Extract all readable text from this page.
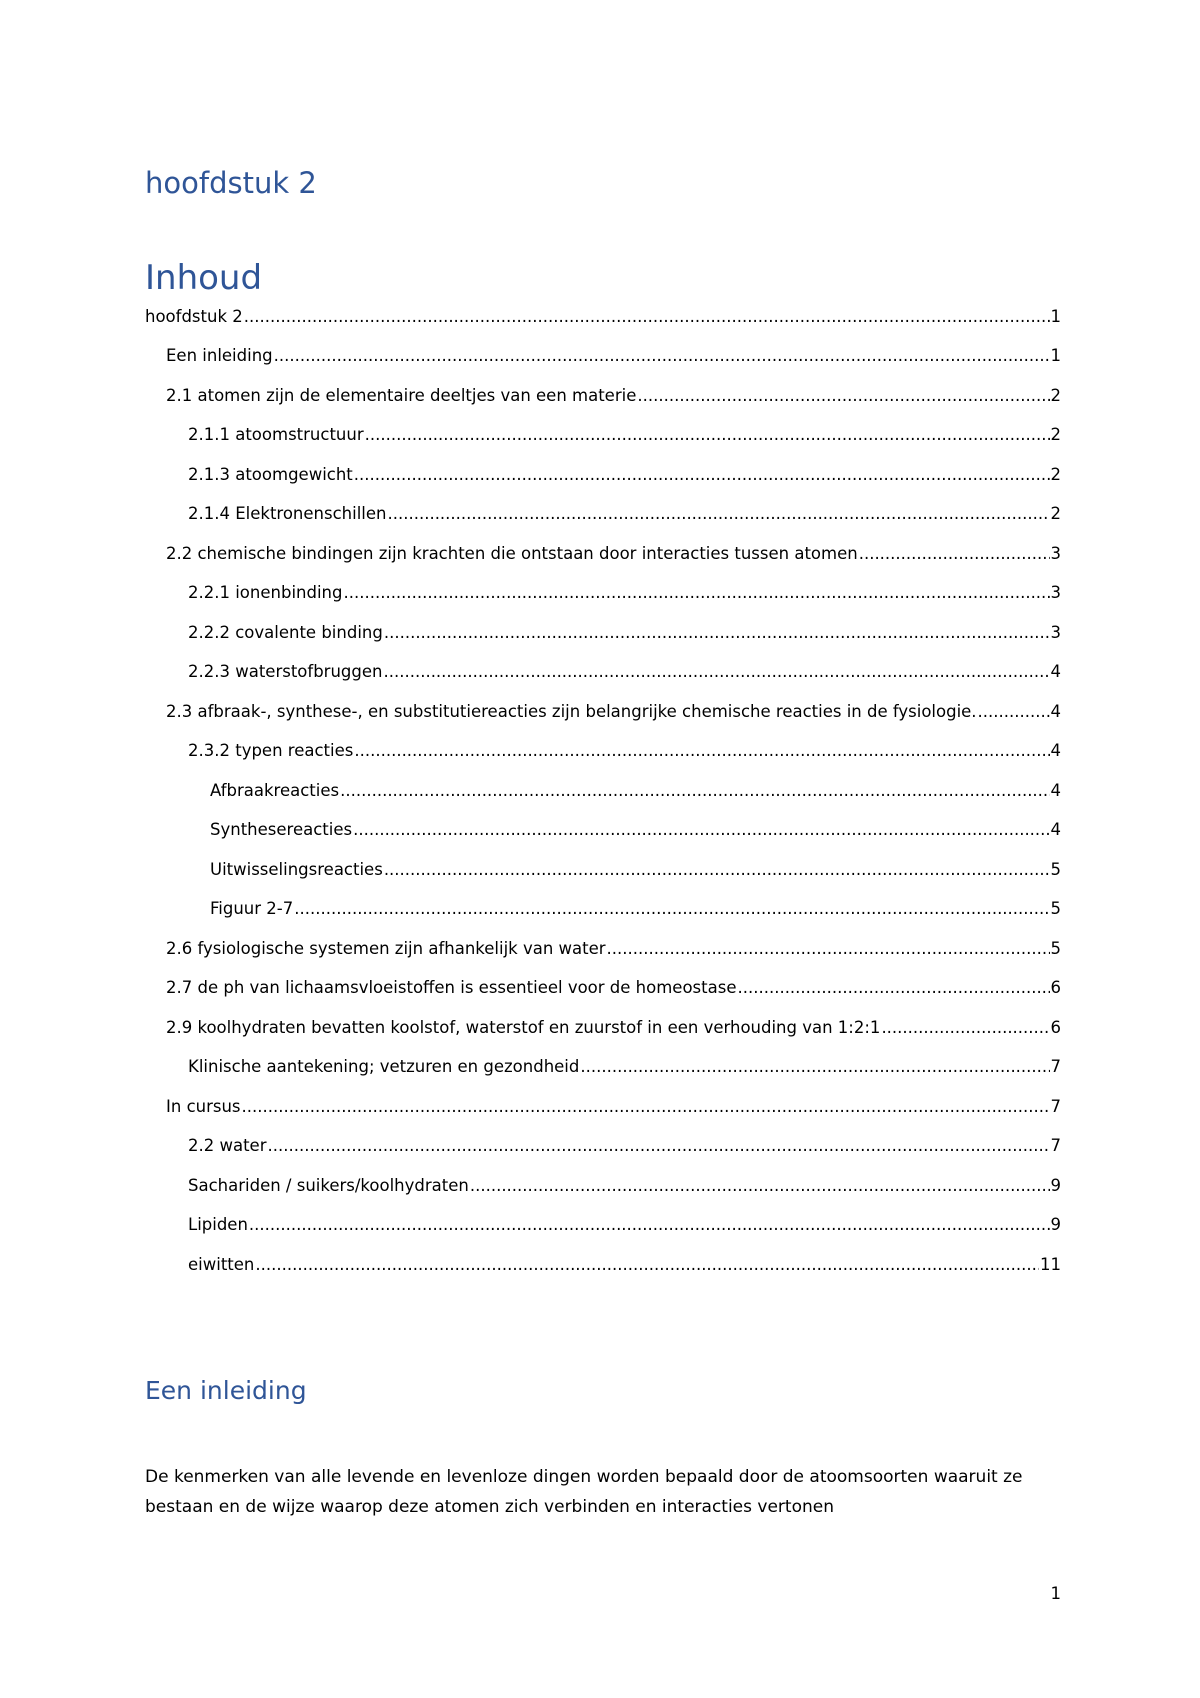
hoofdstuk 2
Inhoud
hoofdstuk 2 .....	1
Een inleiding .....	1
2.1 atomen zijn de elementaire deeltjes van een materie .....	2
2.1.1 atoomstructuur .....	2
2.1.3 atoomgewicht .....	2
2.1.4 Elektronenschillen .....	2
2.2 chemische bindingen zijn krachten die ontstaan door interacties tussen atomen .....	3
2.2.1 ionenbinding .....	3
2.2.2 covalente binding .....	3
2.2.3 waterstofbruggen .....	4
2.3 afbraak-, synthese-, en substitutiereacties zijn belangrijke chemische reacties in de fysiologie. .....	4
2.3.2 typen reacties .....	4
Afbraakreacties .....	4
Synthesereacties .....	4
Uitwisselingsreacties .....	5
Figuur 2-7 .....	5
2.6 fysiologische systemen zijn afhankelijk van water .....	5
2.7 de ph van lichaamsvloeistoffen is essentieel voor de homeostase .....	6
2.9 koolhydraten bevatten koolstof, waterstof en zuurstof in een verhouding van 1:2:1 .....	6
Klinische aantekening; vetzuren en gezondheid .....	7
In cursus .....	7
2.2 water .....	7
Sachariden / suikers/koolhydraten .....	9
Lipiden .....	9
eiwitten .....	11
Een inleiding

De kenmerken van alle levende en levenloze dingen worden bepaald door de atoomsoorten waaruit ze bestaan en de wijze waarop deze atomen zich verbinden en interacties vertonen

1
